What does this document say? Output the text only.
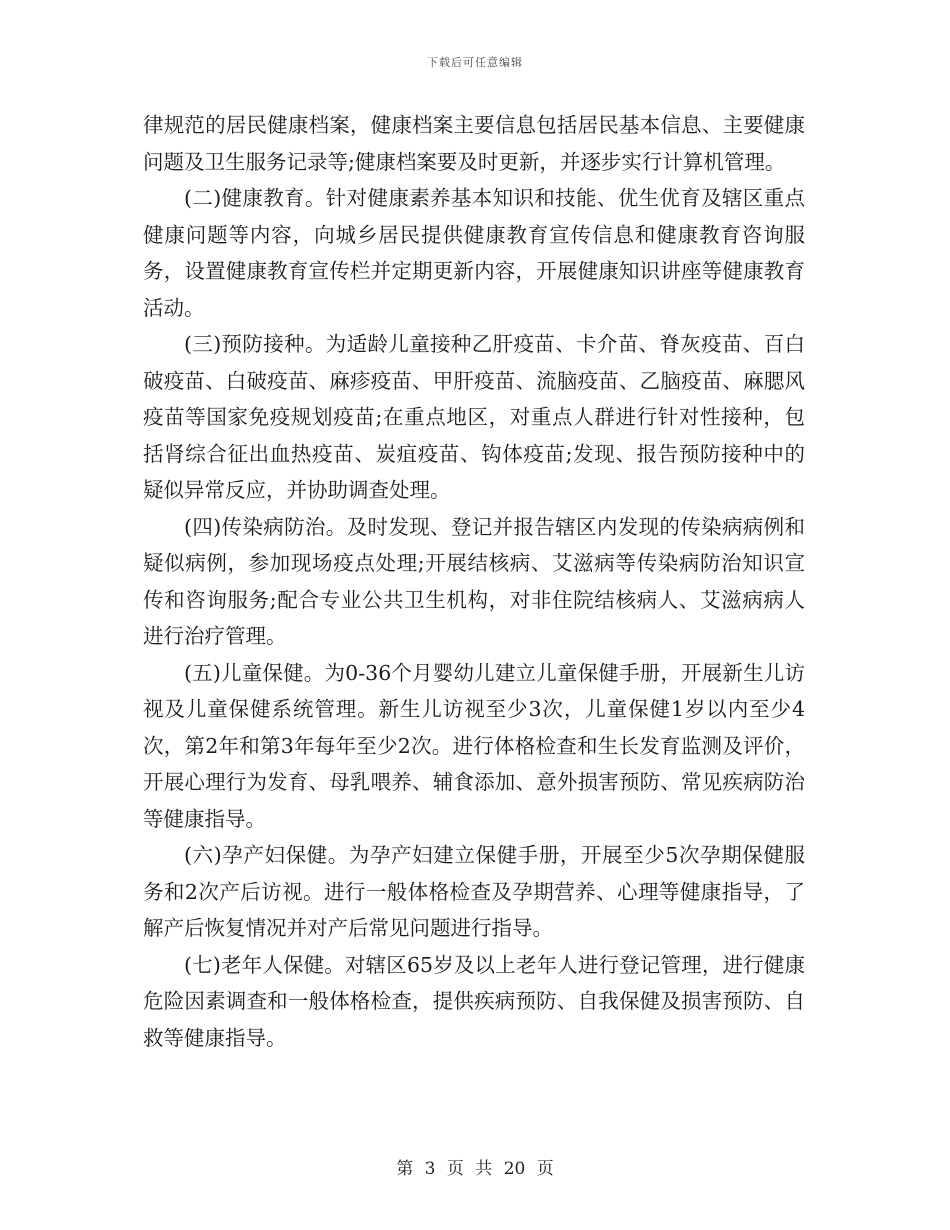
下载后可任意编辑

律规范的居民健康档案，健康档案主要信息包括居民基本信息、主要健康问题及卫生服务记录等;健康档案要及时更新，并逐步实行计算机管理。

(二)健康教育。针对健康素养基本知识和技能、优生优育及辖区重点健康问题等内容，向城乡居民提供健康教育宣传信息和健康教育咨询服务，设置健康教育宣传栏并定期更新内容，开展健康知识讲座等健康教育活动。

(三)预防接种。为适龄儿童接种乙肝疫苗、卡介苗、脊灰疫苗、百白破疫苗、白破疫苗、麻疹疫苗、甲肝疫苗、流脑疫苗、乙脑疫苗、麻腮风疫苗等国家免疫规划疫苗;在重点地区，对重点人群进行针对性接种，包括肾综合征出血热疫苗、炭疽疫苗、钩体疫苗;发现、报告预防接种中的疑似异常反应，并协助调查处理。

(四)传染病防治。及时发现、登记并报告辖区内发现的传染病病例和疑似病例，参加现场疫点处理;开展结核病、艾滋病等传染病防治知识宣传和咨询服务;配合专业公共卫生机构，对非住院结核病人、艾滋病病人进行治疗管理。

(五)儿童保健。为0-36个月婴幼儿建立儿童保健手册，开展新生儿访视及儿童保健系统管理。新生儿访视至少3次，儿童保健1岁以内至少4次，第2年和第3年每年至少2次。进行体格检查和生长发育监测及评价，开展心理行为发育、母乳喂养、辅食添加、意外损害预防、常见疾病防治等健康指导。

(六)孕产妇保健。为孕产妇建立保健手册，开展至少5次孕期保健服务和2次产后访视。进行一般体格检查及孕期营养、心理等健康指导，了解产后恢复情况并对产后常见问题进行指导。

(七)老年人保健。对辖区65岁及以上老年人进行登记管理，进行健康危险因素调查和一般体格检查，提供疾病预防、自我保健及损害预防、自救等健康指导。

第 3 页 共 20 页
